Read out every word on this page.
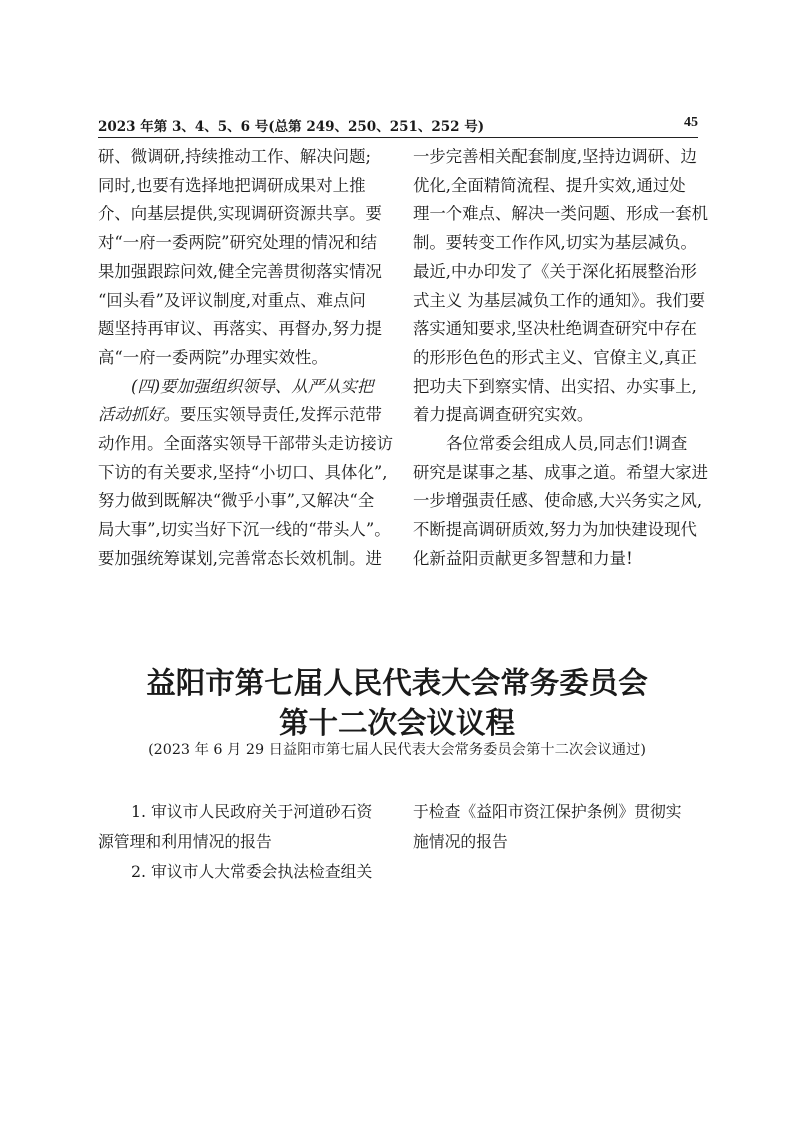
2023 年第 3、4、5、6 号(总第 249、250、251、252 号)	45

研、微调研,持续推动工作、解决问题;

同时,也要有选择地把调研成果对上推

介、向基层提供,实现调研资源共享。要

对“一府一委两院”研究处理的情况和结

果加强跟踪问效,健全完善贯彻落实情况

“回头看”及评议制度,对重点、难点问

题坚持再审议、再落实、再督办,努力提

高“一府一委两院”办理实效性。

(四)要加强组织领导、从严从实把

活动抓好。要压实领导责任,发挥示范带

动作用。全面落实领导干部带头走访接访

下访的有关要求,坚持“小切口、具体化”,

努力做到既解决“微乎小事”,又解决“全

局大事”,切实当好下沉一线的“带头人”。

要加强统筹谋划,完善常态长效机制。进

一步完善相关配套制度,坚持边调研、边

优化,全面精简流程、提升实效,通过处

理一个难点、解决一类问题、形成一套机

制。要转变工作作风,切实为基层减负。

最近,中办印发了《关于深化拓展整治形

式主义 为基层减负工作的通知》。我们要

落实通知要求,坚决杜绝调查研究中存在

的形形色色的形式主义、官僚主义,真正

把功夫下到察实情、出实招、办实事上,

着力提高调查研究实效。

各位常委会组成人员,同志们!调查

研究是谋事之基、成事之道。希望大家进

一步增强责任感、使命感,大兴务实之风,

不断提高调研质效,努力为加快建设现代

化新益阳贡献更多智慧和力量!

益阳市第七届人民代表大会常务委员会
第十二次会议议程
(2023 年 6 月 29 日益阳市第七届人民代表大会常务委员会第十二次会议通过)

1. 审议市人民政府关于河道砂石资

源管理和利用情况的报告

2. 审议市人大常委会执法检查组关

于检查《益阳市资江保护条例》贯彻实

施情况的报告
